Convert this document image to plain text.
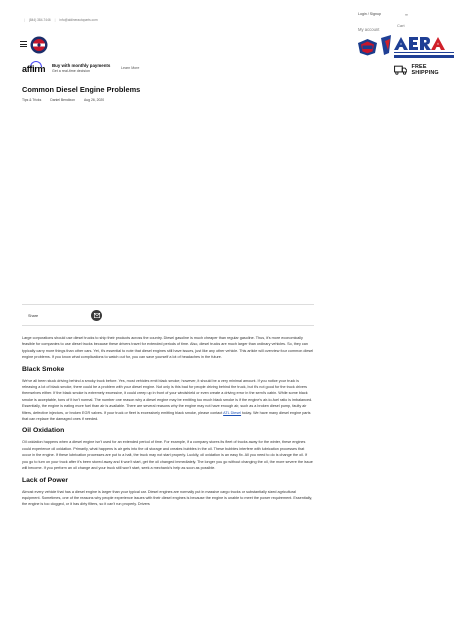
| (844) 384-7446 | info@aldinerautoparts.com
Login / Signup	∞
Cart
My account
affirm Buy with monthly payments
Get a real-time decision
Learn More	FREE SHIPPING
Common Diesel Engine Problems
Tips & Tricks	Daniel Bendixon	Aug 26, 2020
Share

Large corporations should use diesel trucks to ship their products across the country. Diesel gasoline is much cheaper than regular gasoline. Thus, it's more economically feasible for companies to use diesel trucks because these drivers travel for extended periods of time. Also, diesel trucks are much larger than ordinary vehicles. So, they can typically carry more things than other cars. Yet, it's essential to note that diesel engines still have issues, just like any other vehicle. This article will overview four common diesel engine problems. If you know what complications to watch out for, you can save yourself a lot of headaches in the future.

Black Smoke

We've all been stuck driving behind a smoky truck before. Yes, most vehicles emit black smoke; however, it should be a very minimal amount. If you notice your truck is releasing a lot of black smoke, there could be a problem with your diesel engine. Not only is this bad for people driving behind the truck, but it's not good for the truck drivers themselves either. If the black smoke is extremely excessive, it could creep up in front of your windshield or even create a driving error in the semi's cabin. While some black smoke is acceptable, tons of it isn't normal. The number one reason why a diesel engine may be emitting too much black smoke is if the engine's air-to-fuel ratio is imbalanced. Essentially, the engine is eating more fuel than air is available. There are several reasons why the engine may not have enough air, such as a broken diesel pump, faulty air filters, defective injectors, or broken EGR valves. If your truck or fleet is excessively emitting black smoke, please contact ATL Diesel today. We have many diesel engine parts that can replace the damaged ones if needed.

Oil Oxidation

Oil oxidation happens when a diesel engine isn't used for an extended period of time. For example, if a company stores its fleet of trucks away for the winter, these engines could experience oil oxidation. Primarily, what happens is air gets into the oil storage and creates bubbles in the oil. These bubbles interfere with lubrication processes that occur in the engine. If these lubrication processes are put to a halt, the truck may not start properly. Luckily, oil oxidation is an easy fix. All you need to do is change the oil. If you go to turn on your truck after it's been stored away and it won't start, get the oil changed immediately. The longer you go without changing the oil, the more severe the issue will become. If you perform an oil change and your truck still won't start, seek a mechanic's help as soon as possible.

Lack of Power

Almost every vehicle that has a diesel engine is larger than your typical car. Diesel engines are normally put in massive cargo trucks or substantially sized agricultural equipment. Sometimes, one of the reasons why people experience issues with their diesel engines is because the engine is unable to meet the power requirement. Essentially, the engine is too clogged, or it has dirty filters, so it can't run properly. Drivers
